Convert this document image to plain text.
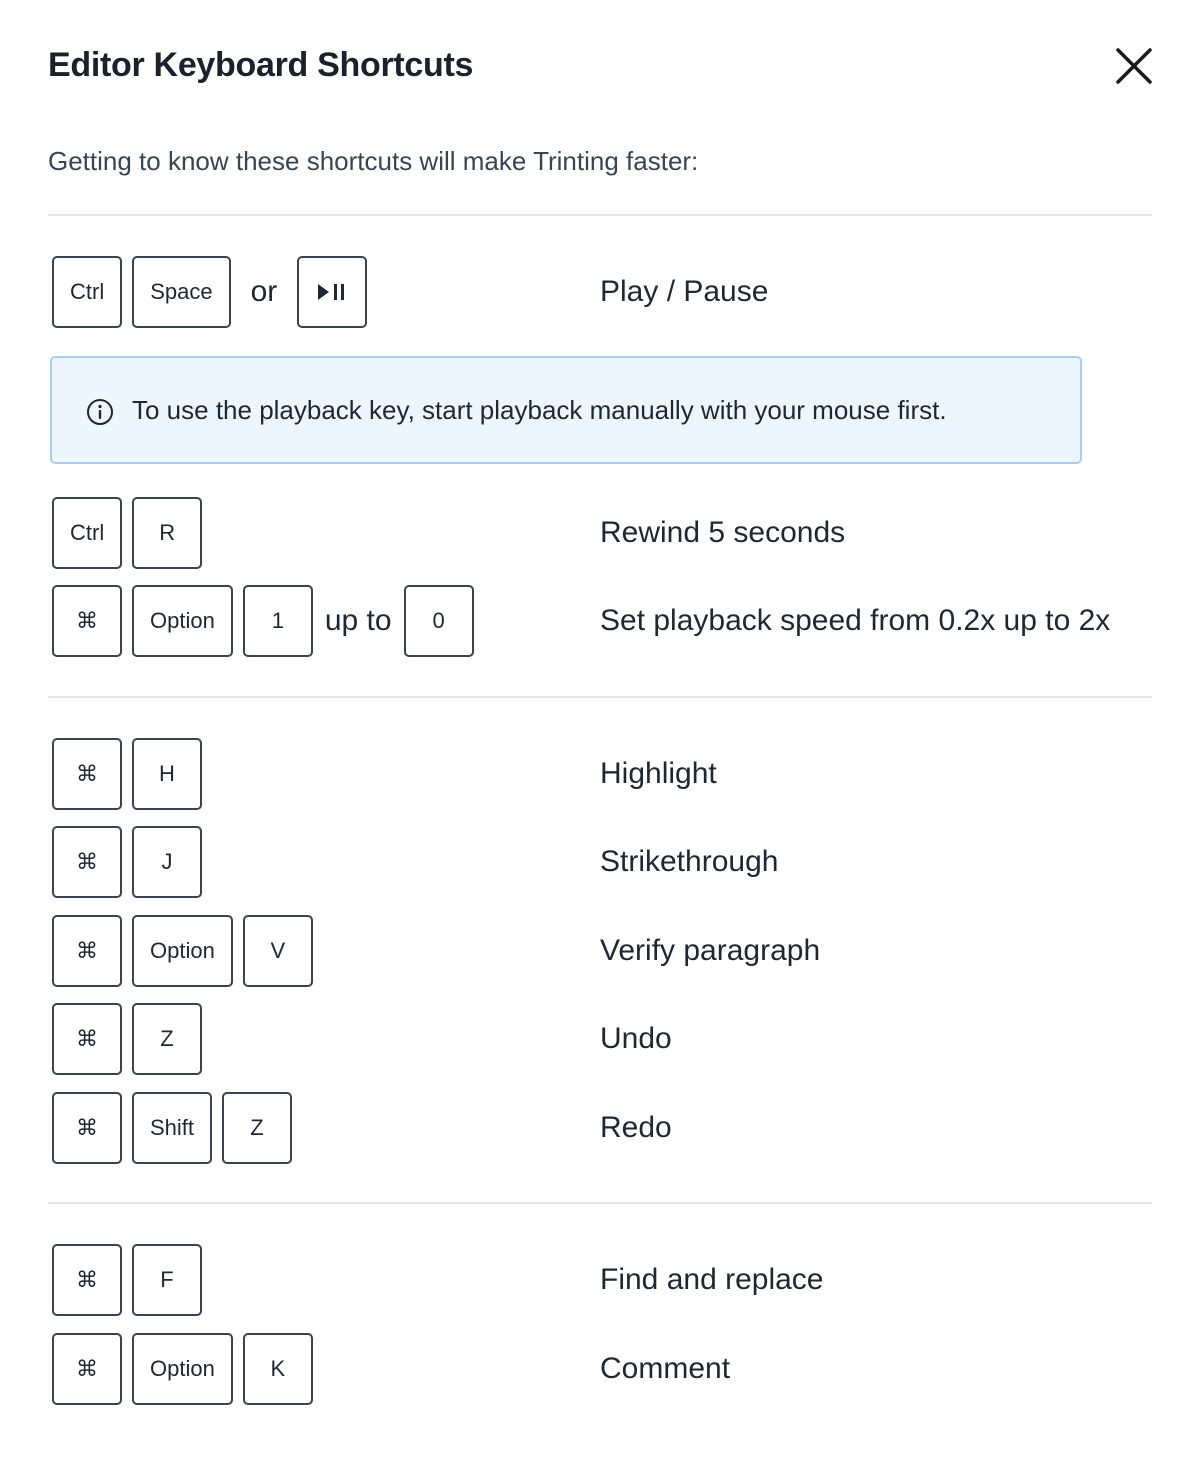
Editor Keyboard Shortcuts
Getting to know these shortcuts will make Trinting faster:
Ctrl	Space	or	Play / Pause
To use the playback key, start playback manually with your mouse first.
Ctrl	R	Rewind 5 seconds
⌘	Option	1	up to	0	Set playback speed from 0.2x up to 2x
⌘	H	Highlight
⌘	J	Strikethrough
⌘	Option	V	Verify paragraph
⌘	Z	Undo
⌘	Shift	Z	Redo
⌘	F	Find and replace
⌘	Option	K	Comment
